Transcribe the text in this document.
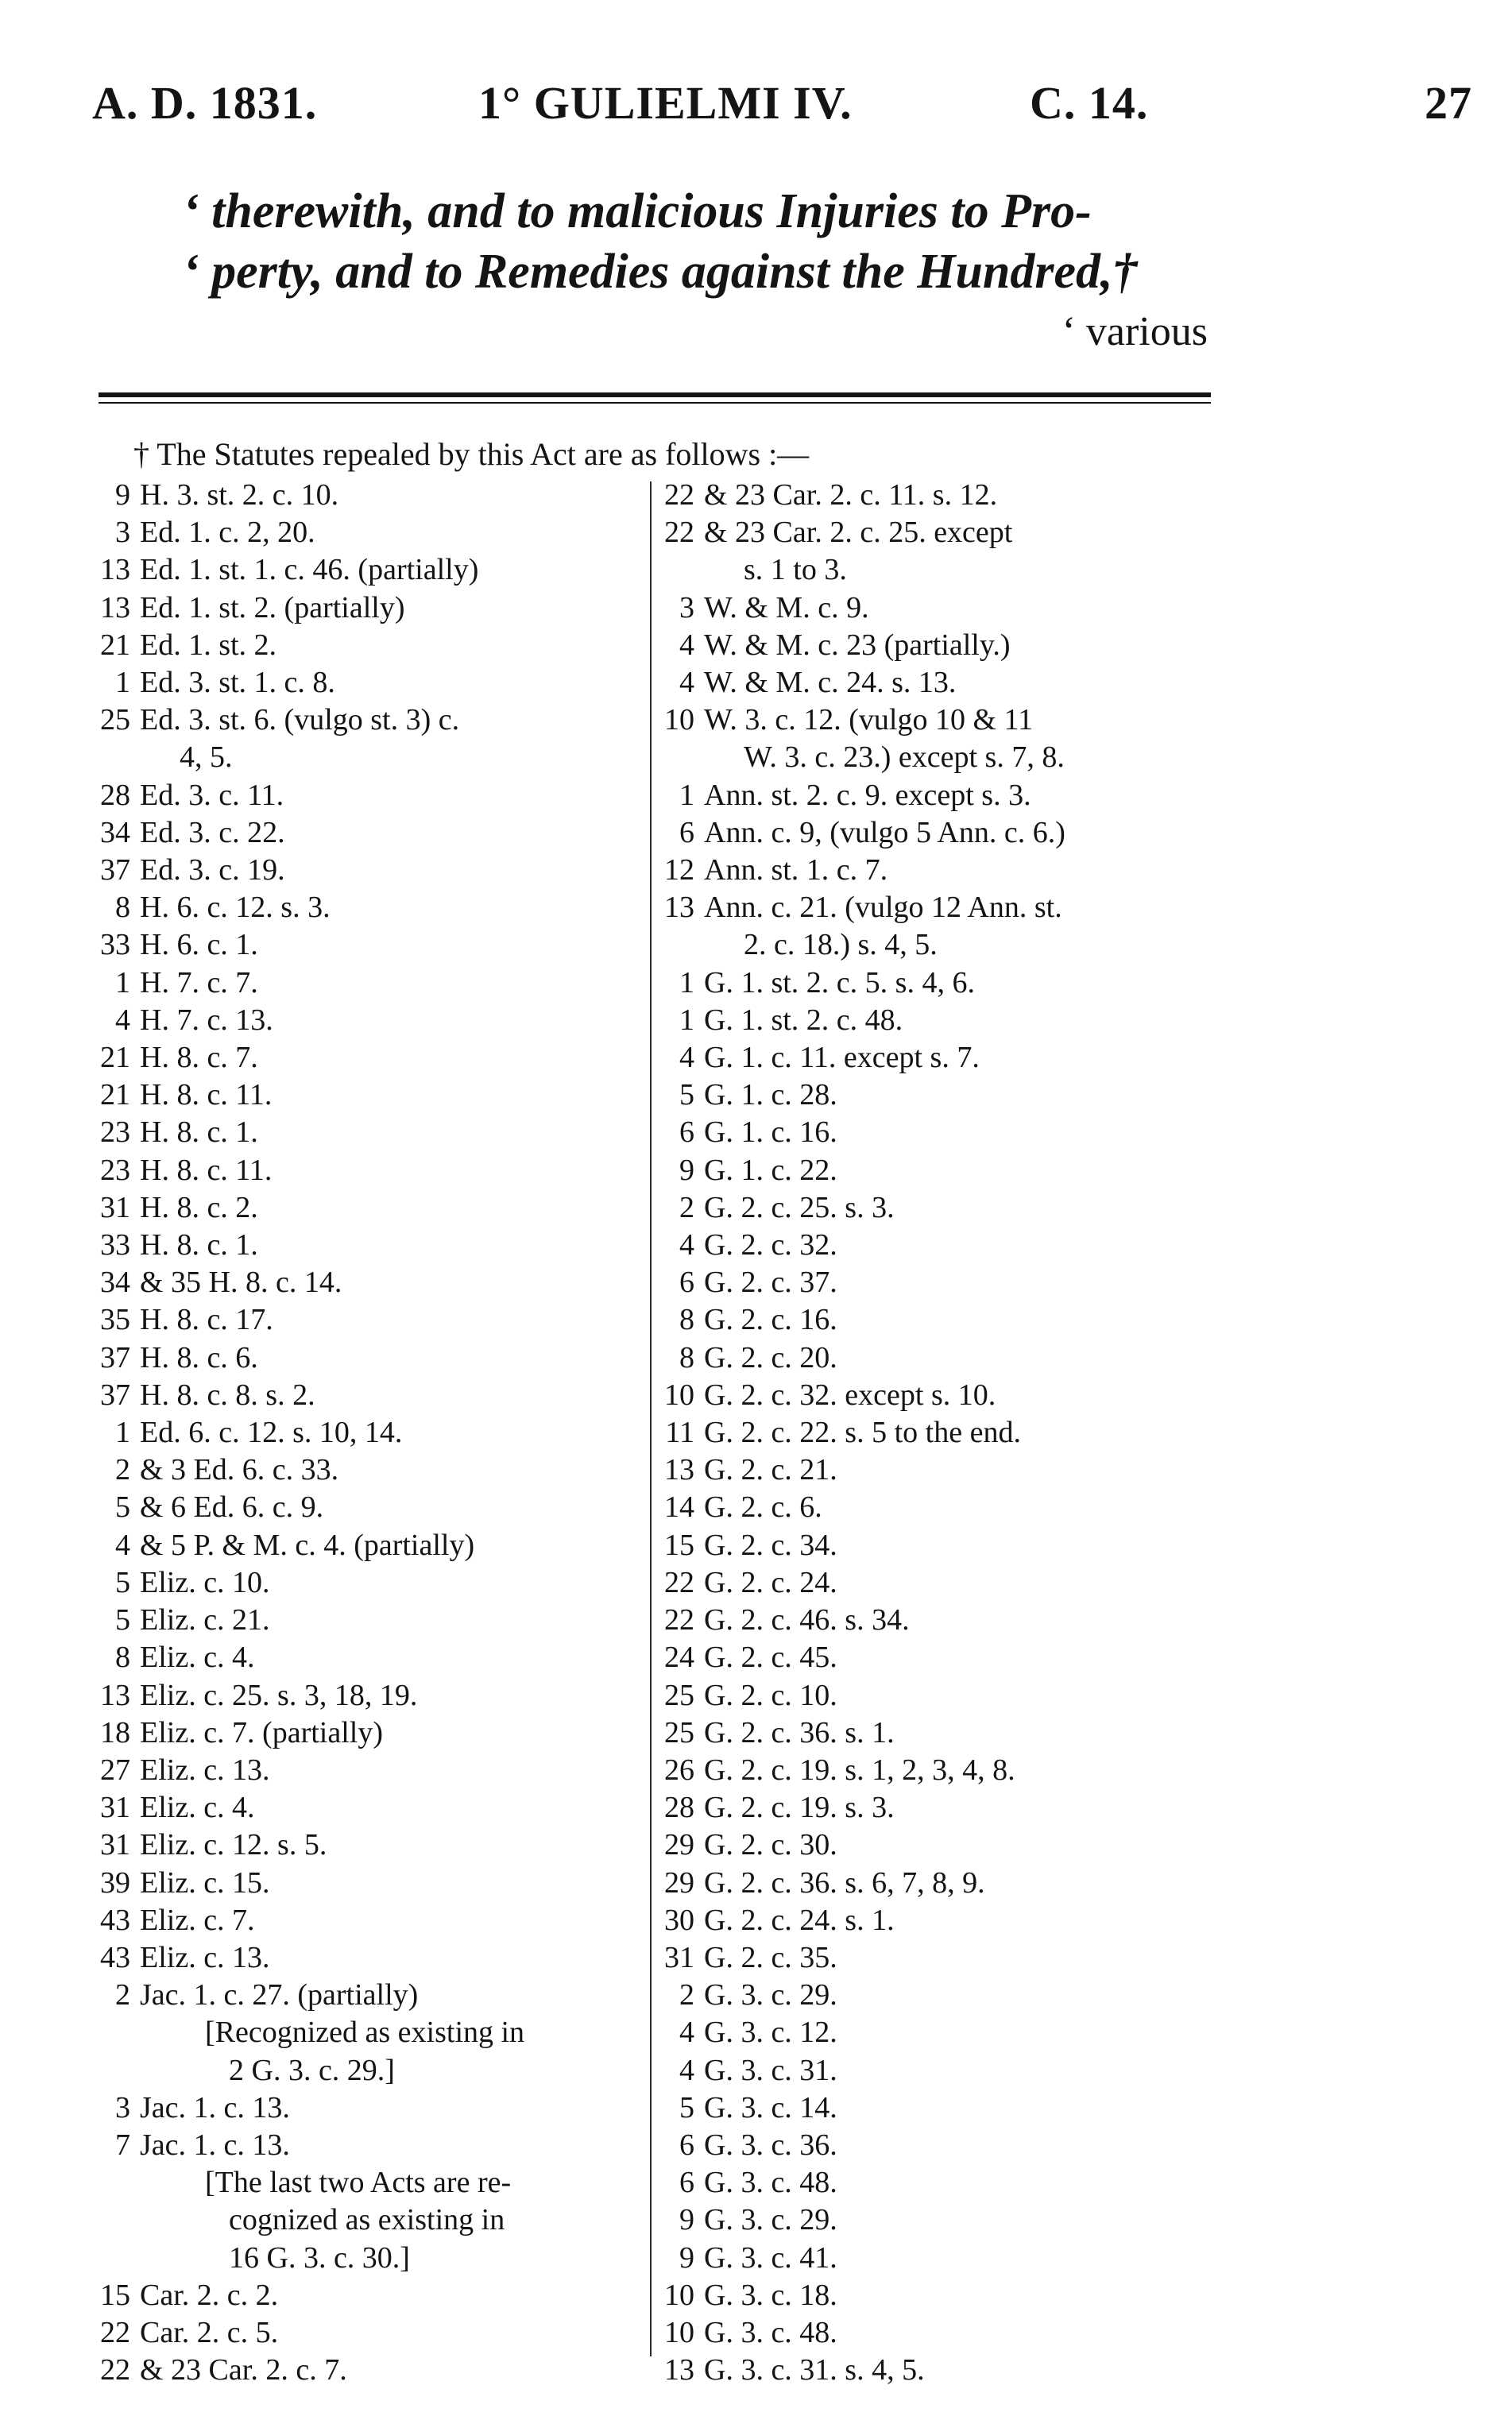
A. D. 1831.	1° GULIELMI IV.	C. 14.	27
‘ therewith, and to malicious Injuries to Pro-
‘ perty, and to Remedies against the Hundred,†
‘ various
† The Statutes repealed by this Act are as follows :—
9 H. 3. st. 2. c. 10.
3 Ed. 1. c. 2, 20.
13 Ed. 1. st. 1. c. 46. (partially)
13 Ed. 1. st. 2. (partially)
21 Ed. 1. st. 2.
1 Ed. 3. st. 1. c. 8.
25 Ed. 3. st. 6. (vulgo st. 3) c.
4, 5.
28 Ed. 3. c. 11.
34 Ed. 3. c. 22.
37 Ed. 3. c. 19.
8 H. 6. c. 12. s. 3.
33 H. 6. c. 1.
1 H. 7. c. 7.
4 H. 7. c. 13.
21 H. 8. c. 7.
21 H. 8. c. 11.
23 H. 8. c. 1.
23 H. 8. c. 11.
31 H. 8. c. 2.
33 H. 8. c. 1.
34 & 35 H. 8. c. 14.
35 H. 8. c. 17.
37 H. 8. c. 6.
37 H. 8. c. 8. s. 2.
1 Ed. 6. c. 12. s. 10, 14.
2 & 3 Ed. 6. c. 33.
5 & 6 Ed. 6. c. 9.
4 & 5 P. & M. c. 4. (partially)
5 Eliz. c. 10.
5 Eliz. c. 21.
8 Eliz. c. 4.
13 Eliz. c. 25. s. 3, 18, 19.
18 Eliz. c. 7. (partially)
27 Eliz. c. 13.
31 Eliz. c. 4.
31 Eliz. c. 12. s. 5.
39 Eliz. c. 15.
43 Eliz. c. 7.
43 Eliz. c. 13.
2 Jac. 1. c. 27. (partially)
[Recognized as existing in
2 G. 3. c. 29.]
3 Jac. 1. c. 13.
7 Jac. 1. c. 13.
[The last two Acts are re-
cognized as existing in
16 G. 3. c. 30.]
15 Car. 2. c. 2.
22 Car. 2. c. 5.
22 & 23 Car. 2. c. 7.
22 & 23 Car. 2. c. 11. s. 12.
22 & 23 Car. 2. c. 25. except
s. 1 to 3.
3 W. & M. c. 9.
4 W. & M. c. 23 (partially.)
4 W. & M. c. 24. s. 13.
10 W. 3. c. 12. (vulgo 10 & 11
W. 3. c. 23.) except s. 7, 8.
1 Ann. st. 2. c. 9. except s. 3.
6 Ann. c. 9, (vulgo 5 Ann. c. 6.)
12 Ann. st. 1. c. 7.
13 Ann. c. 21. (vulgo 12 Ann. st.
2. c. 18.) s. 4, 5.
1 G. 1. st. 2. c. 5. s. 4, 6.
1 G. 1. st. 2. c. 48.
4 G. 1. c. 11. except s. 7.
5 G. 1. c. 28.
6 G. 1. c. 16.
9 G. 1. c. 22.
2 G. 2. c. 25. s. 3.
4 G. 2. c. 32.
6 G. 2. c. 37.
8 G. 2. c. 16.
8 G. 2. c. 20.
10 G. 2. c. 32. except s. 10.
11 G. 2. c. 22. s. 5 to the end.
13 G. 2. c. 21.
14 G. 2. c. 6.
15 G. 2. c. 34.
22 G. 2. c. 24.
22 G. 2. c. 46. s. 34.
24 G. 2. c. 45.
25 G. 2. c. 10.
25 G. 2. c. 36. s. 1.
26 G. 2. c. 19. s. 1, 2, 3, 4, 8.
28 G. 2. c. 19. s. 3.
29 G. 2. c. 30.
29 G. 2. c. 36. s. 6, 7, 8, 9.
30 G. 2. c. 24. s. 1.
31 G. 2. c. 35.
2 G. 3. c. 29.
4 G. 3. c. 12.
4 G. 3. c. 31.
5 G. 3. c. 14.
6 G. 3. c. 36.
6 G. 3. c. 48.
9 G. 3. c. 29.
9 G. 3. c. 41.
10 G. 3. c. 18.
10 G. 3. c. 48.
13 G. 3. c. 31. s. 4, 5.
